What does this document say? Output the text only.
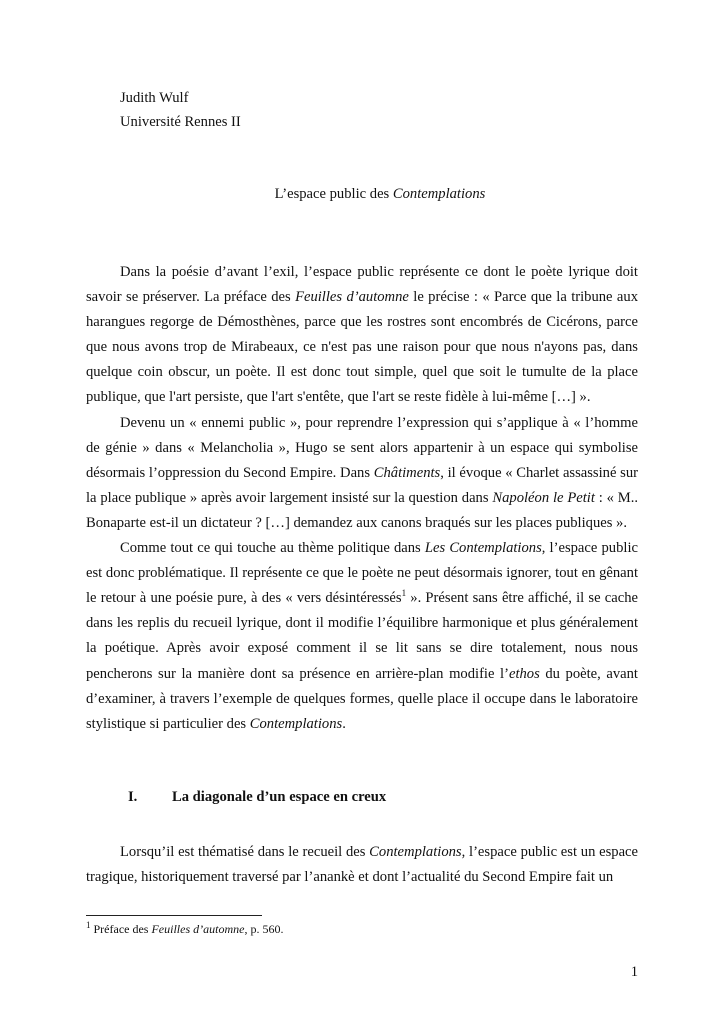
Judith Wulf
Université Rennes II
L’espace public des Contemplations

Dans la poésie d’avant l’exil, l’espace public représente ce dont le poète lyrique doit savoir se préserver. La préface des Feuilles d’automne le précise : « Parce que la tribune aux harangues regorge de Démosthènes, parce que les rostres sont encombrés de Cicérons, parce que nous avons trop de Mirabeaux, ce n'est pas une raison pour que nous n'ayons pas, dans quelque coin obscur, un poète. Il est donc tout simple, quel que soit le tumulte de la place publique, que l'art persiste, que l'art s'entête, que l'art se reste fidèle à lui-même […] ».

Devenu un « ennemi public », pour reprendre l’expression qui s’applique à « l’homme de génie » dans « Melancholia », Hugo se sent alors appartenir à un espace qui symbolise désormais l’oppression du Second Empire. Dans Châtiments, il évoque « Charlet assassiné sur la place publique » après avoir largement insisté sur la question dans Napoléon le Petit : « M.. Bonaparte est-il un dictateur ? […] demandez aux canons braqués sur les places publiques ».

Comme tout ce qui touche au thème politique dans Les Contemplations, l’espace public est donc problématique. Il représente ce que le poète ne peut désormais ignorer, tout en gênant le retour à une poésie pure, à des « vers désintéressés$^1$ ». Présent sans être affiché, il se cache dans les replis du recueil lyrique, dont il modifie l’équilibre harmonique et plus généralement la poétique. Après avoir exposé comment il se lit sans se dire totalement, nous nous pencherons sur la manière dont sa présence en arrière-plan modifie l’ethos du poète, avant d’examiner, à travers l’exemple de quelques formes, quelle place il occupe dans le laboratoire stylistique si particulier des Contemplations.

I. La diagonale d’un espace en creux

Lorsqu’il est thématisé dans le recueil des Contemplations, l’espace public est un espace tragique, historiquement traversé par l’anankè et dont l’actualité du Second Empire fait un

$^1$ Préface des Feuilles d’automne, p. 560.
1
